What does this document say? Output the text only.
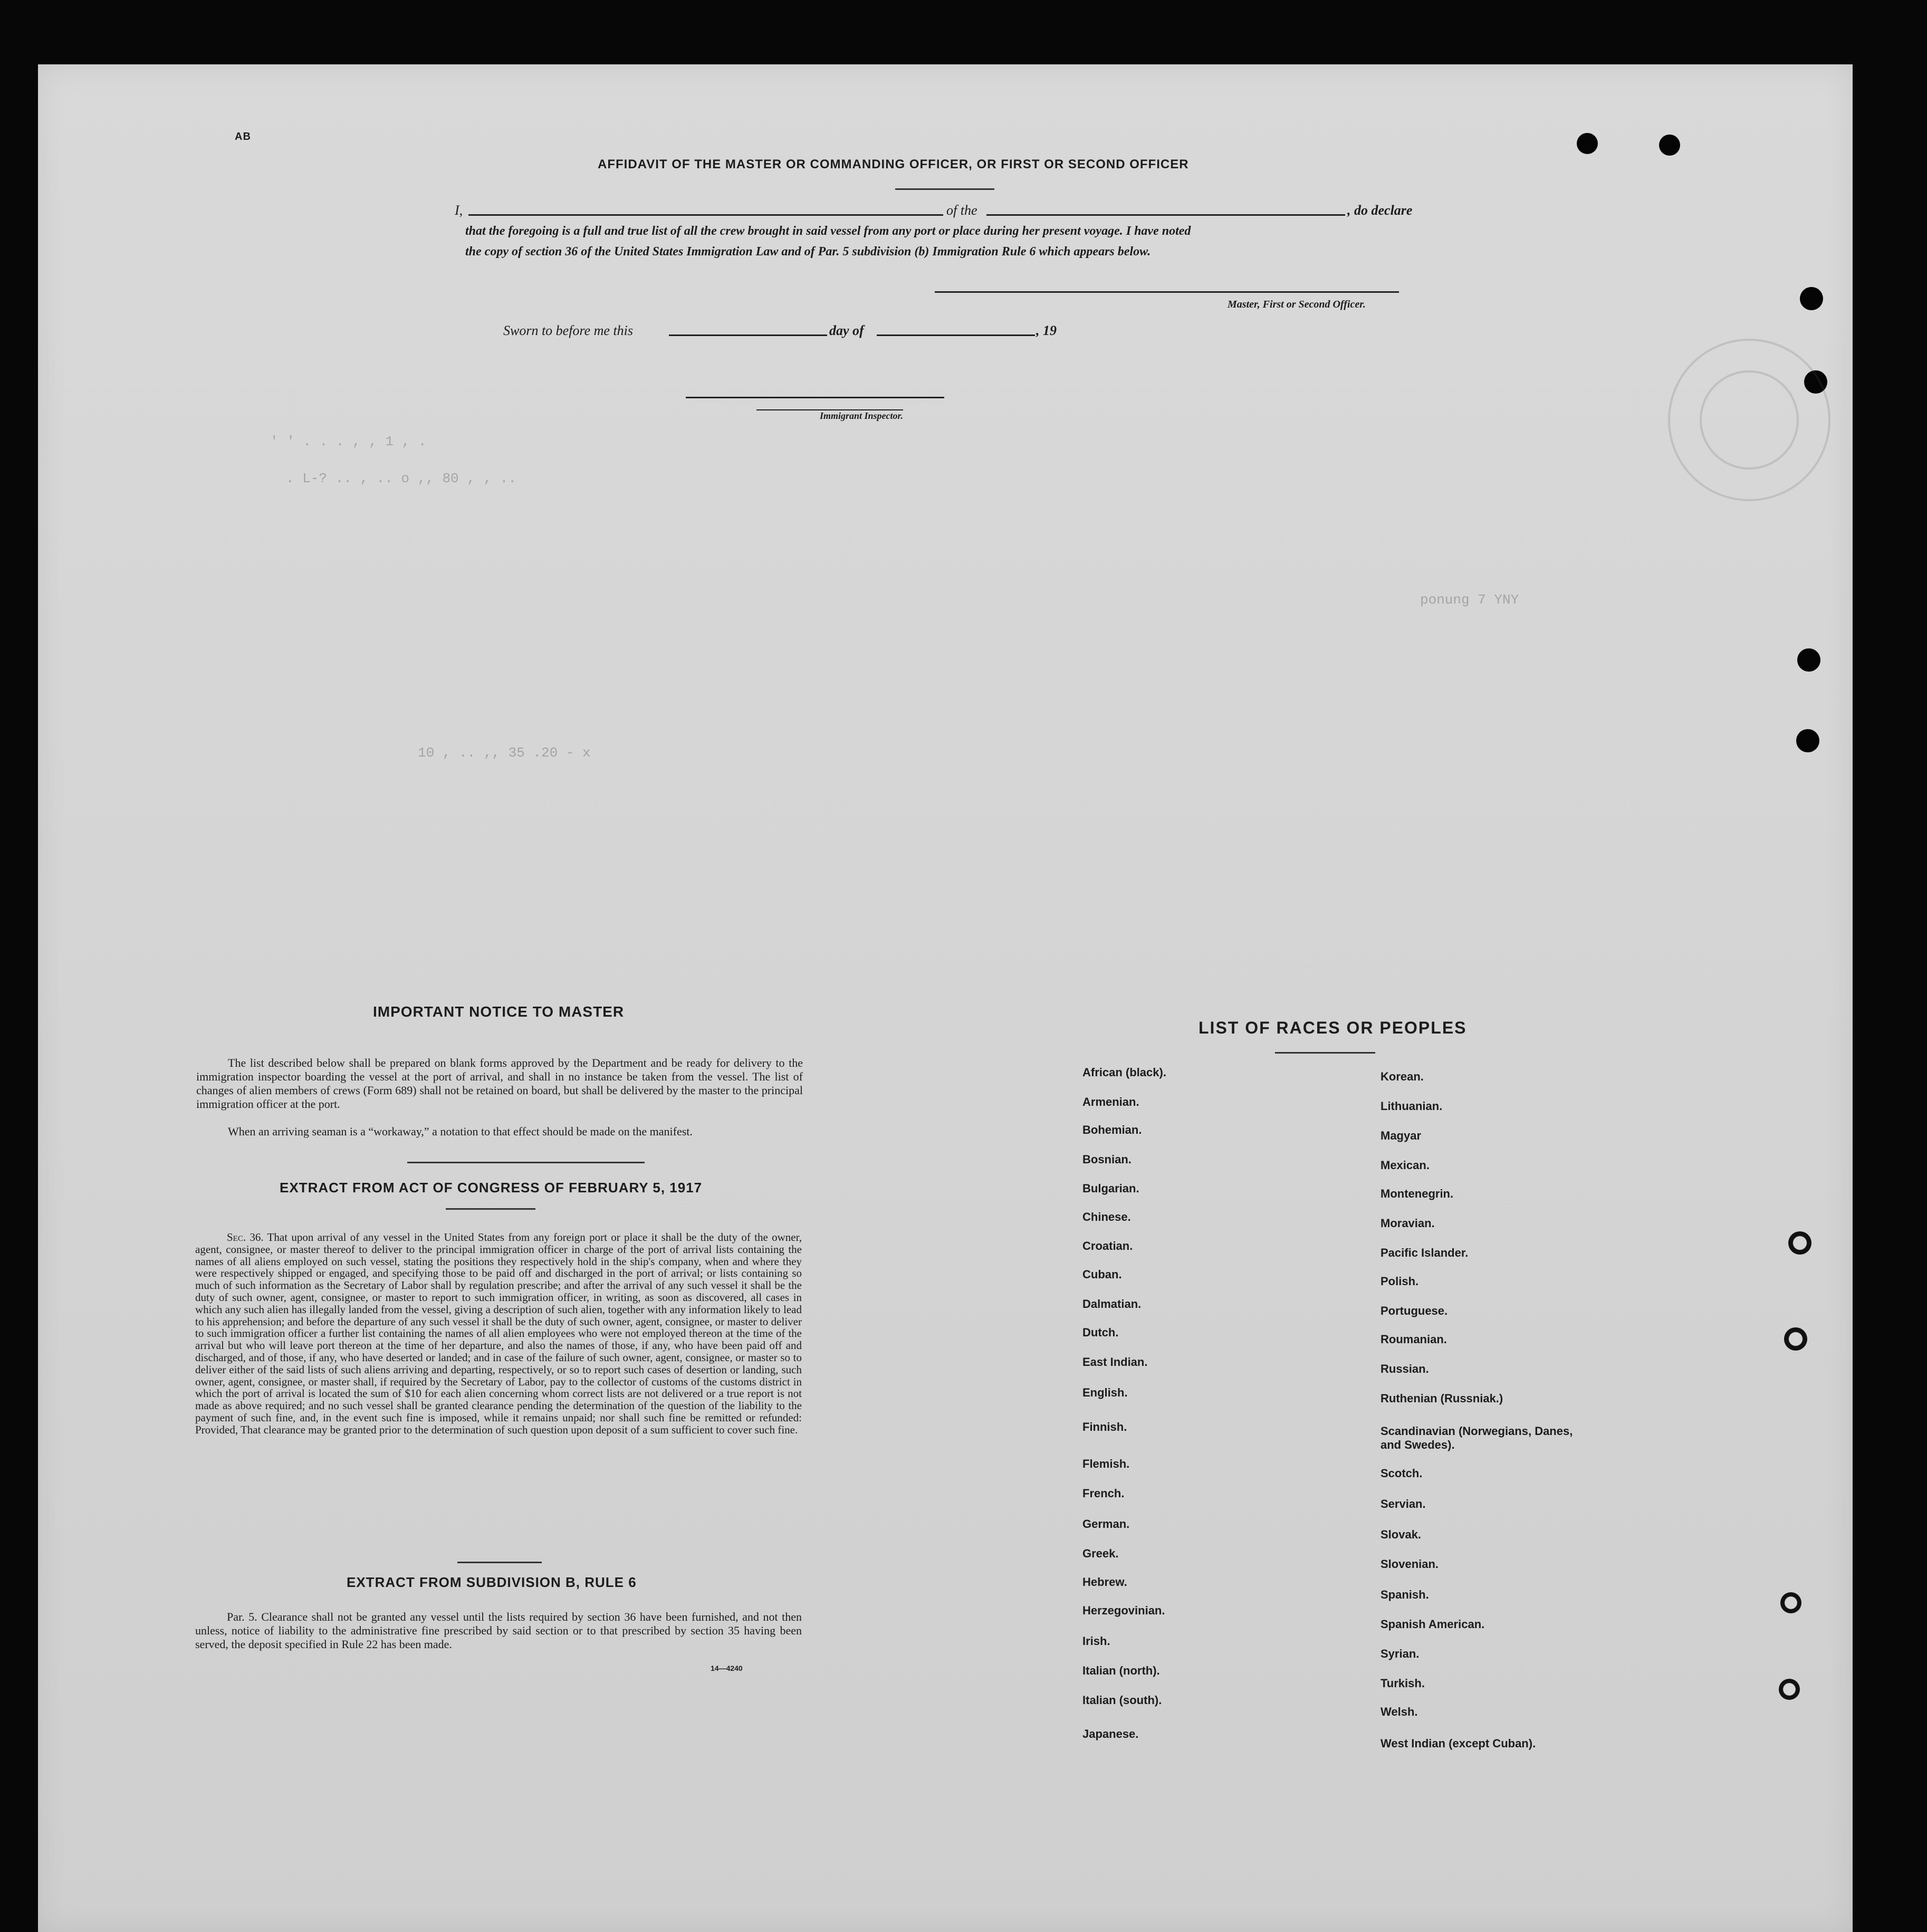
' ' . . . , , 1 , .
. L-? .. , .. o ,, 80 , , ..
10 , .. ,, 35 .20 - x
ponung 7 YNY
AB
AFFIDAVIT OF THE MASTER OR COMMANDING OFFICER, OR FIRST OR SECOND OFFICER
I,	of the	, do declare
that the foregoing is a full and true list of all the crew brought in said vessel from any port or place during her present voyage. I have noted
the copy of section 36 of the United States Immigration Law and of Par. 5 subdivision (b) Immigration Rule 6 which appears below.
Master, First or Second Officer.
Sworn to before me this	day of	, 19
Immigrant Inspector.
IMPORTANT NOTICE TO MASTER
The list described below shall be prepared on blank forms approved by the Department and be ready for delivery to the immigration inspector boarding the vessel at the port of arrival, and shall in no instance be taken from the vessel. The list of changes of alien members of crews (Form 689) shall not be retained on board, but shall be delivered by the master to the principal immigration officer at the port.
When an arriving seaman is a “workaway,” a notation to that effect should be made on the manifest.
EXTRACT FROM ACT OF CONGRESS OF FEBRUARY 5, 1917
Sec. 36. That upon arrival of any vessel in the United States from any foreign port or place it shall be the duty of the owner, agent, consignee, or master thereof to deliver to the principal immigration officer in charge of the port of arrival lists containing the names of all aliens employed on such vessel, stating the positions they respectively hold in the ship's company, when and where they were respectively shipped or engaged, and specifying those to be paid off and discharged in the port of arrival; or lists containing so much of such information as the Secretary of Labor shall by regulation prescribe; and after the arrival of any such vessel it shall be the duty of such owner, agent, consignee, or master to report to such immigration officer, in writing, as soon as discovered, all cases in which any such alien has illegally landed from the vessel, giving a description of such alien, together with any information likely to lead to his apprehension; and before the departure of any such vessel it shall be the duty of such owner, agent, consignee, or master to deliver to such immigration officer a further list containing the names of all alien employees who were not employed thereon at the time of the arrival but who will leave port thereon at the time of her departure, and also the names of those, if any, who have been paid off and discharged, and of those, if any, who have deserted or landed; and in case of the failure of such owner, agent, consignee, or master so to deliver either of the said lists of such aliens arriving and departing, respectively, or so to report such cases of desertion or landing, such owner, agent, consignee, or master shall, if required by the Secretary of Labor, pay to the collector of customs of the customs district in which the port of arrival is located the sum of $10 for each alien concerning whom correct lists are not delivered or a true report is not made as above required; and no such vessel shall be granted clearance pending the determination of the question of the liability to the payment of such fine, and, in the event such fine is imposed, while it remains unpaid; nor shall such fine be remitted or refunded: Provided, That clearance may be granted prior to the determination of such question upon deposit of a sum sufficient to cover such fine.
EXTRACT FROM SUBDIVISION B, RULE 6
Par. 5. Clearance shall not be granted any vessel until the lists required by section 36 have been furnished, and not then unless, notice of liability to the administrative fine prescribed by said section or to that prescribed by section 35 having been served, the deposit specified in Rule 22 has been made.
14—4240
LIST OF RACES OR PEOPLES
African (black).
Armenian.
Bohemian.
Bosnian.
Bulgarian.
Chinese.
Croatian.
Cuban.
Dalmatian.
Dutch.
East Indian.
English.
Finnish.
Flemish.
French.
German.
Greek.
Hebrew.
Herzegovinian.
Irish.
Italian (north).
Italian (south).
Japanese.
Korean.
Lithuanian.
Magyar
Mexican.
Montenegrin.
Moravian.
Pacific Islander.
Polish.
Portuguese.
Roumanian.
Russian.
Ruthenian (Russniak.)
Scandinavian (Norwegians, Danes, and Swedes).
Scotch.
Servian.
Slovak.
Slovenian.
Spanish.
Spanish American.
Syrian.
Turkish.
Welsh.
West Indian (except Cuban).
